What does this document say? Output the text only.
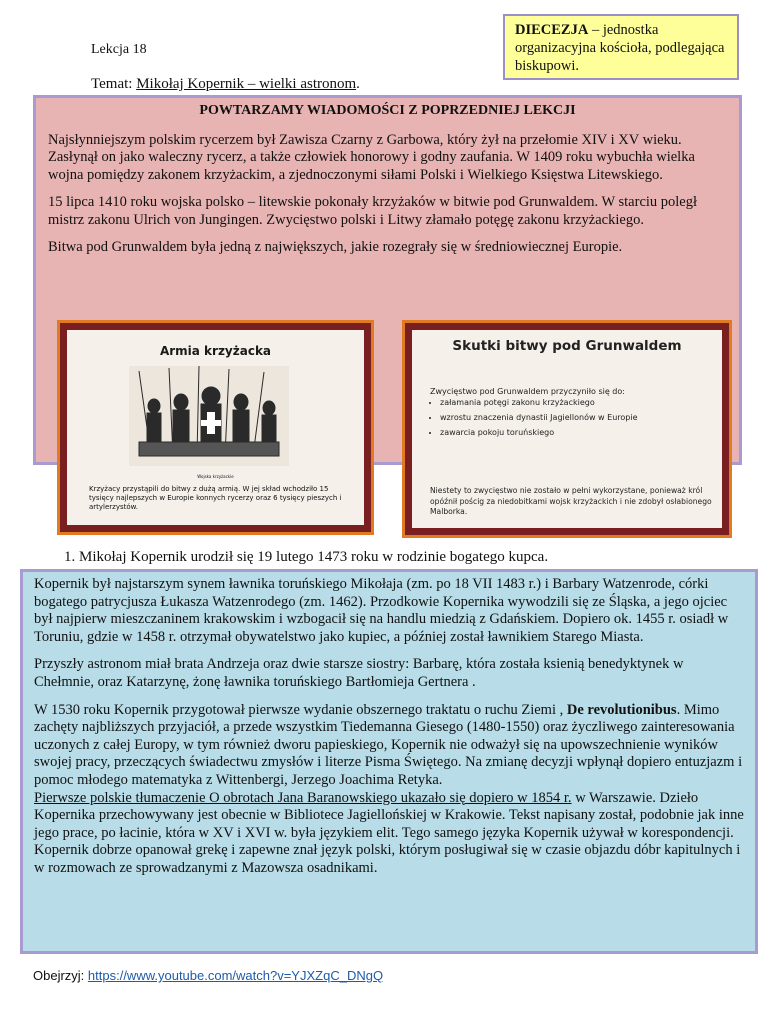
Lekcja 18
Temat: Mikołaj Kopernik – wielki astronom.
DIECEZJA – jednostka organizacyjna kościoła, podlegająca biskupowi.
POWTARZAMY WIADOMOŚCI Z POPRZEDNIEJ LEKCJI

Najsłynniejszym polskim rycerzem był Zawisza Czarny z Garbowa, który żył na przełomie XIV i XV wieku. Zasłynął on jako waleczny rycerz, a także człowiek honorowy i godny zaufania. W 1409 roku wybuchła wielka wojna pomiędzy zakonem krzyżackim, a zjednoczonymi siłami Polski i Wielkiego Księstwa Litewskiego.

15 lipca 1410 roku wojska polsko – litewskie pokonały krzyżaków w bitwie pod Grunwaldem. W starciu poległ mistrz zakonu Ulrich von Jungingen. Zwycięstwo polski i Litwy złamało potęgę zakonu krzyżackiego.

Bitwa pod Grunwaldem była jedną z największych, jakie rozegrały się w średniowiecznej Europie.

Armia krzyżacka
Wojska krzyżackie
Krzyżacy przystąpili do bitwy z dużą armią. W jej skład wchodziło 15 tysięcy najlepszych w Europie konnych rycerzy oraz 6 tysięcy pieszych i artylerzystów.
Skutki bitwy pod Grunwaldem
Zwycięstwo pod Grunwaldem przyczyniło się do:
• załamania potęgi zakonu krzyżackiego
• wzrostu znaczenia dynastii Jagiellonów w Europie
• zawarcia pokoju toruńskiego
Niestety to zwycięstwo nie zostało w pełni wykorzystane, ponieważ król opóźnił pościg za niedobitkami wojsk krzyżackich i nie zdobył osłabionego Malborka.
1. Mikołaj Kopernik urodził się 19 lutego 1473 roku w rodzinie bogatego kupca.

Kopernik był najstarszym synem ławnika toruńskiego Mikołaja (zm. po 18 VII 1483 r.) i Barbary Watzenrode, córki bogatego patrycjusza Łukasza Watzenrodego (zm. 1462). Przodkowie Kopernika wywodzili się ze Śląska, a jego ojciec był najpierw mieszczaninem krakowskim i wzbogacił się na handlu miedzią z Gdańskiem. Dopiero ok. 1455 r. osiadł w Toruniu, gdzie w 1458 r. otrzymał obywatelstwo jako kupiec, a później został ławnikiem Starego Miasta.

Przyszły astronom miał brata Andrzeja oraz dwie starsze siostry: Barbarę, która została ksienią benedyktynek w Chełmnie, oraz Katarzynę, żonę ławnika toruńskiego Bartłomieja Gertnera .

W 1530 roku Kopernik przygotował pierwsze wydanie obszernego traktatu o ruchu Ziemi , De revolutionibus. Mimo zachęty najbliższych przyjaciół, a przede wszystkim Tiedemanna Giesego (1480-1550) oraz życzliwego zainteresowania uczonych z całej Europy, w tym również dworu papieskiego, Kopernik nie odważył się na upowszechnienie wyników swojej pracy, przeczących świadectwu zmysłów i literze Pisma Świętego. Na zmianę decyzji wpłynął dopiero entuzjazm i pomoc młodego matematyka z Wittenbergi, Jerzego Joachima Retyka.
Pierwsze polskie tłumaczenie O obrotach Jana Baranowskiego ukazało się dopiero w 1854 r. w Warszawie. Dzieło Kopernika przechowywany jest obecnie w Bibliotece Jagiellońskiej w Krakowie. Tekst napisany został, podobnie jak inne jego prace, po łacinie, która w XV i XVI w. była językiem elit. Tego samego języka Kopernik używał w korespondencji. Kopernik dobrze opanował grekę i zapewne znał język polski, którym posługiwał się w czasie objazdu dóbr kapitulnych i w rozmowach ze sprowadzanymi z Mazowsza osadnikami.

Obejrzyj: https://www.youtube.com/watch?v=YJXZqC_DNgQ
